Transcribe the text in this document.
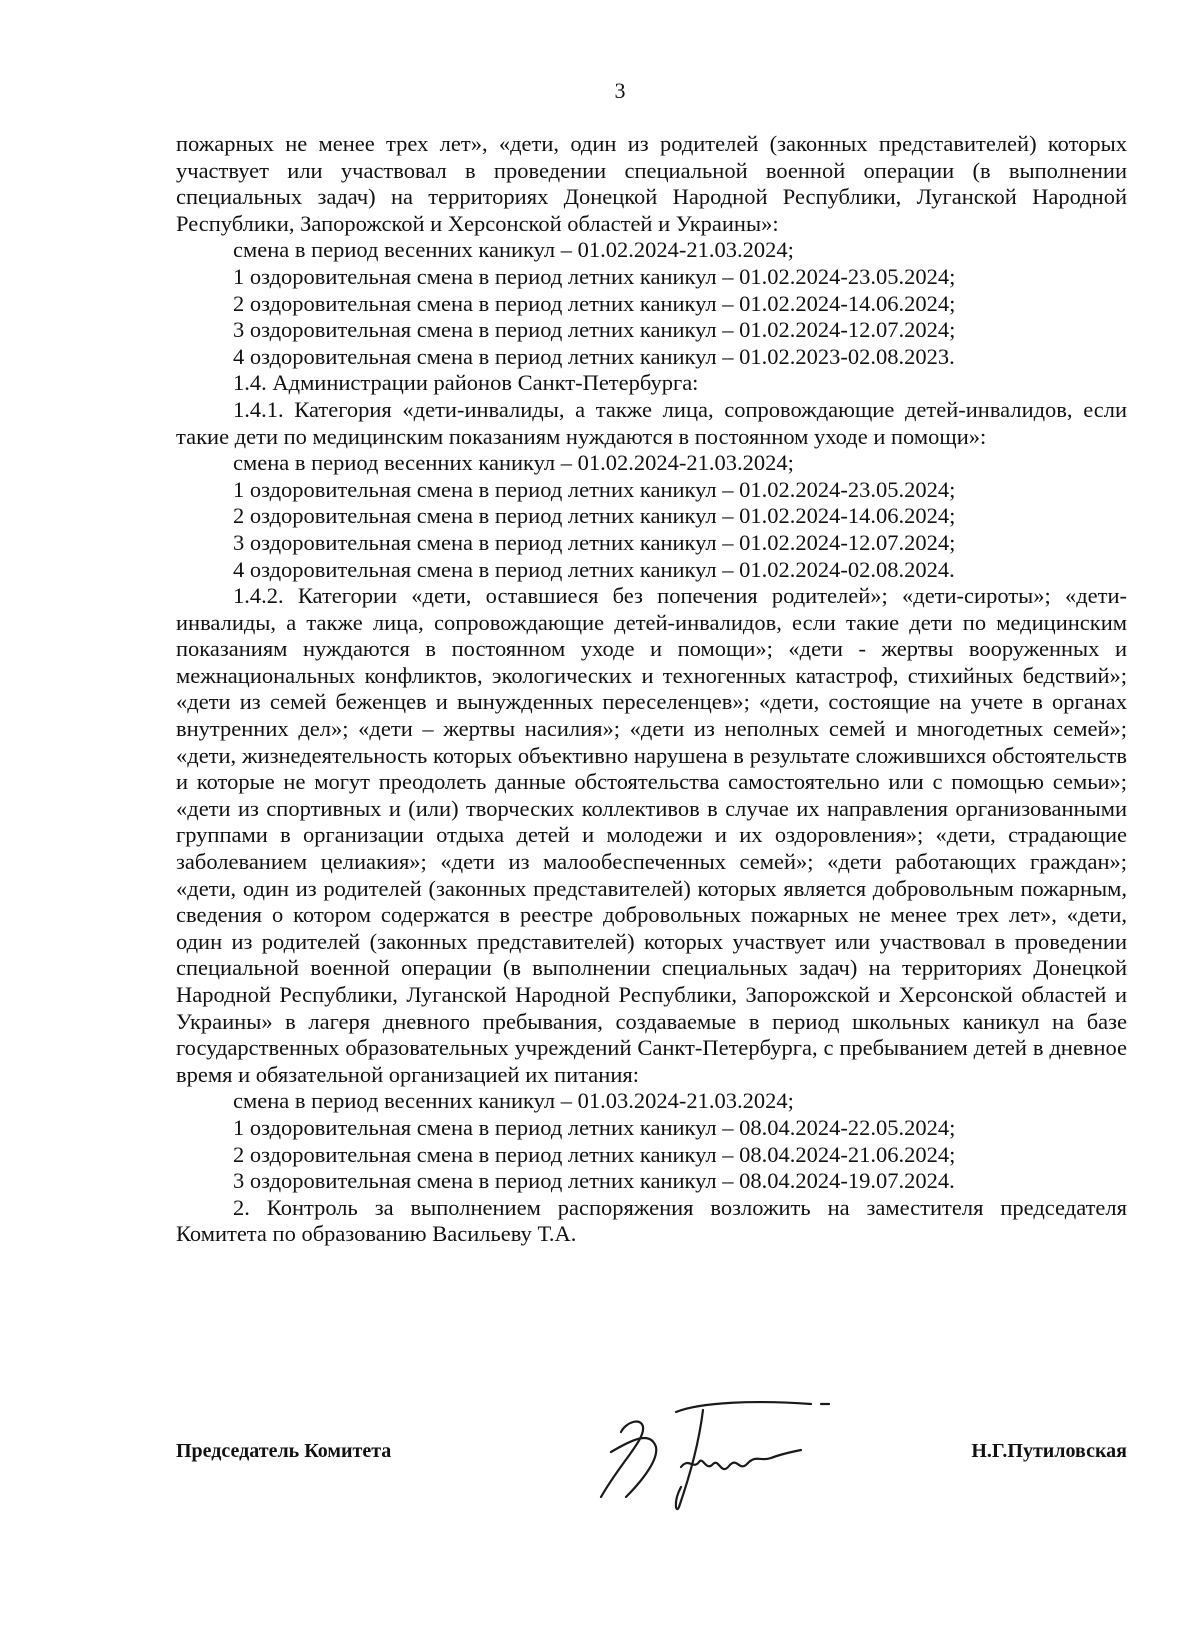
3

пожарных не менее трех лет», «дети, один из родителей (законных представителей) которых участвует или участвовал в проведении специальной военной операции (в выполнении специальных задач) на территориях Донецкой Народной Республики, Луганской Народной Республики, Запорожской и Херсонской областей и Украины»:

смена в период весенних каникул – 01.02.2024-21.03.2024;

1 оздоровительная смена в период летних каникул – 01.02.2024-23.05.2024;

2 оздоровительная смена в период летних каникул – 01.02.2024-14.06.2024;

3 оздоровительная смена в период летних каникул – 01.02.2024-12.07.2024;

4 оздоровительная смена в период летних каникул – 01.02.2023-02.08.2023.

1.4. Администрации районов Санкт-Петербурга:

1.4.1. Категория «дети-инвалиды, а также лица, сопровождающие детей-инвалидов, если такие дети по медицинским показаниям нуждаются в постоянном уходе и помощи»:

смена в период весенних каникул – 01.02.2024-21.03.2024;

1 оздоровительная смена в период летних каникул – 01.02.2024-23.05.2024;

2 оздоровительная смена в период летних каникул – 01.02.2024-14.06.2024;

3 оздоровительная смена в период летних каникул – 01.02.2024-12.07.2024;

4 оздоровительная смена в период летних каникул – 01.02.2024-02.08.2024.

1.4.2. Категории «дети, оставшиеся без попечения родителей»; «дети-сироты»; «дети-инвалиды, а также лица, сопровождающие детей-инвалидов, если такие дети по медицинским показаниям нуждаются в постоянном уходе и помощи»; «дети - жертвы вооруженных и межнациональных конфликтов, экологических и техногенных катастроф, стихийных бедствий»; «дети из семей беженцев и вынужденных переселенцев»; «дети, состоящие на учете в органах внутренних дел»; «дети – жертвы насилия»; «дети из неполных семей и многодетных семей»; «дети, жизнедеятельность которых объективно нарушена в результате сложившихся обстоятельств и которые не могут преодолеть данные обстоятельства самостоятельно или с помощью семьи»; «дети из спортивных и (или) творческих коллективов в случае их направления организованными группами в организации отдыха детей и молодежи и их оздоровления»; «дети, страдающие заболеванием целиакия»; «дети из малообеспеченных семей»; «дети работающих граждан»; «дети, один из родителей (законных представителей) которых является добровольным пожарным, сведения о котором содержатся в реестре добровольных пожарных не менее трех лет», «дети, один из родителей (законных представителей) которых участвует или участвовал в проведении специальной военной операции (в выполнении специальных задач) на территориях Донецкой Народной Республики, Луганской Народной Республики, Запорожской и Херсонской областей и Украины» в лагеря дневного пребывания, создаваемые в период школьных каникул на базе государственных образовательных учреждений Санкт-Петербурга, с пребыванием детей в дневное время и обязательной организацией их питания:

смена в период весенних каникул – 01.03.2024-21.03.2024;

1 оздоровительная смена в период летних каникул – 08.04.2024-22.05.2024;

2 оздоровительная смена в период летних каникул – 08.04.2024-21.06.2024;

3 оздоровительная смена в период летних каникул – 08.04.2024-19.07.2024.

2. Контроль за выполнением распоряжения возложить на заместителя председателя Комитета по образованию Васильеву Т.А.

Председатель Комитета	Н.Г.Путиловская
